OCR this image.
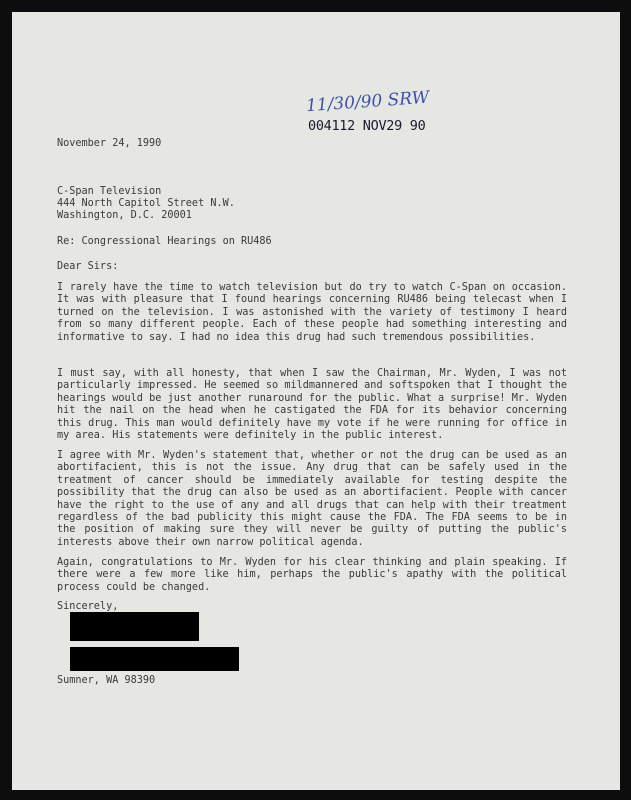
11/30/90 SRW
004112 NOV29 90
November 24, 1990
C-Span Television
444 North Capitol Street N.W.
Washington, D.C. 20001
Re: Congressional Hearings on RU486
Dear Sirs:

I rarely have the time to watch television but do try to watch C-Span on occasion. It was with pleasure that I found hearings concerning RU486 being telecast when I turned on the television. I was astonished with the variety of testimony I heard from so many different people. Each of these people had something interesting and informative to say. I had no idea this drug had such tremendous possibilities.

I must say, with all honesty, that when I saw the Chairman, Mr. Wyden, I was not particularly impressed. He seemed so mildmannered and softspoken that I thought the hearings would be just another runaround for the public. What a surprise! Mr. Wyden hit the nail on the head when he castigated the FDA for its behavior concerning this drug. This man would definitely have my vote if he were running for office in my area. His statements were definitely in the public interest.

I agree with Mr. Wyden's statement that, whether or not the drug can be used as an abortifacient, this is not the issue. Any drug that can be safely used in the treatment of cancer should be immediately available for testing despite the possibility that the drug can also be used as an abortifacient. People with cancer have the right to the use of any and all drugs that can help with their treatment regardless of the bad publicity this might cause the FDA. The FDA seems to be in the position of making sure they will never be guilty of putting the public's interests above their own narrow political agenda.

Again, congratulations to Mr. Wyden for his clear thinking and plain speaking. If there were a few more like him, perhaps the public's apathy with the political process could be changed.

Sincerely,
Sumner, WA 98390
